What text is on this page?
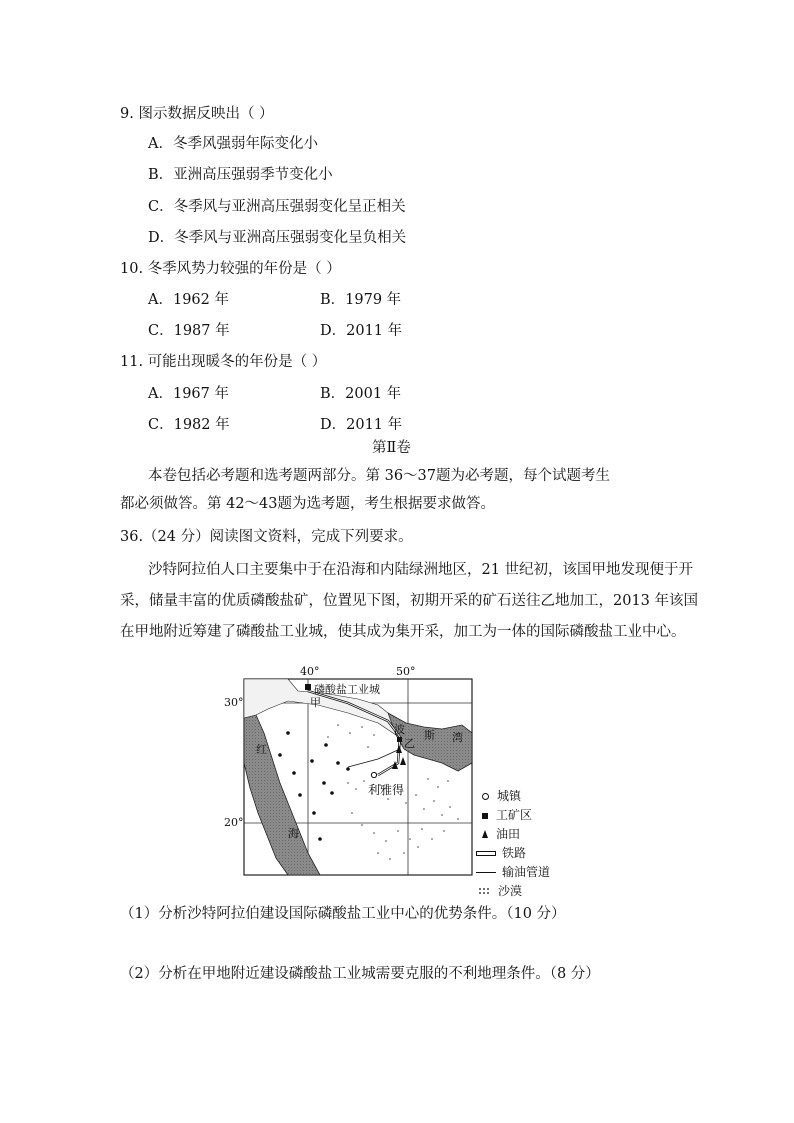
9. 图示数据反映出（ ）
A．冬季风强弱年际变化小
B．亚洲高压强弱季节变化小
C．冬季风与亚洲高压强弱变化呈正相关
D．冬季风与亚洲高压强弱变化呈负相关
10. 冬季风势力较强的年份是（ ）
A．1962 年	B．1979 年
C．1987 年	D．2011 年
11. 可能出现暖冬的年份是（ ）
A．1967 年	B．2001 年
C．1982 年	D．2011 年
第Ⅱ卷
本卷包括必考题和选考题两部分。第 36～37题为必考题，每个试题考生
都必须做答。第 42～43题为选考题，考生根据要求做答。
36.（24 分）阅读图文资料，完成下列要求。
沙特阿拉伯人口主要集中于在沿海和内陆绿洲地区，21 世纪初，该国甲地发现便于开
采，储量丰富的优质磷酸盐矿，位置见下图，初期开采的矿石送往乙地加工，2013 年该国
在甲地附近筹建了磷酸盐工业城，使其成为集开采，加工为一体的国际磷酸盐工业中心。
40°	50°
30°
20°
磷酸盐工业城
甲
乙
波 斯 湾
红
海
利雅得	城镇
工矿区
油田
铁路
输油管道
沙漠
（1）分析沙特阿拉伯建设国际磷酸盐工业中心的优势条件。（10 分）
（2）分析在甲地附近建设磷酸盐工业城需要克服的不利地理条件。（8 分）
